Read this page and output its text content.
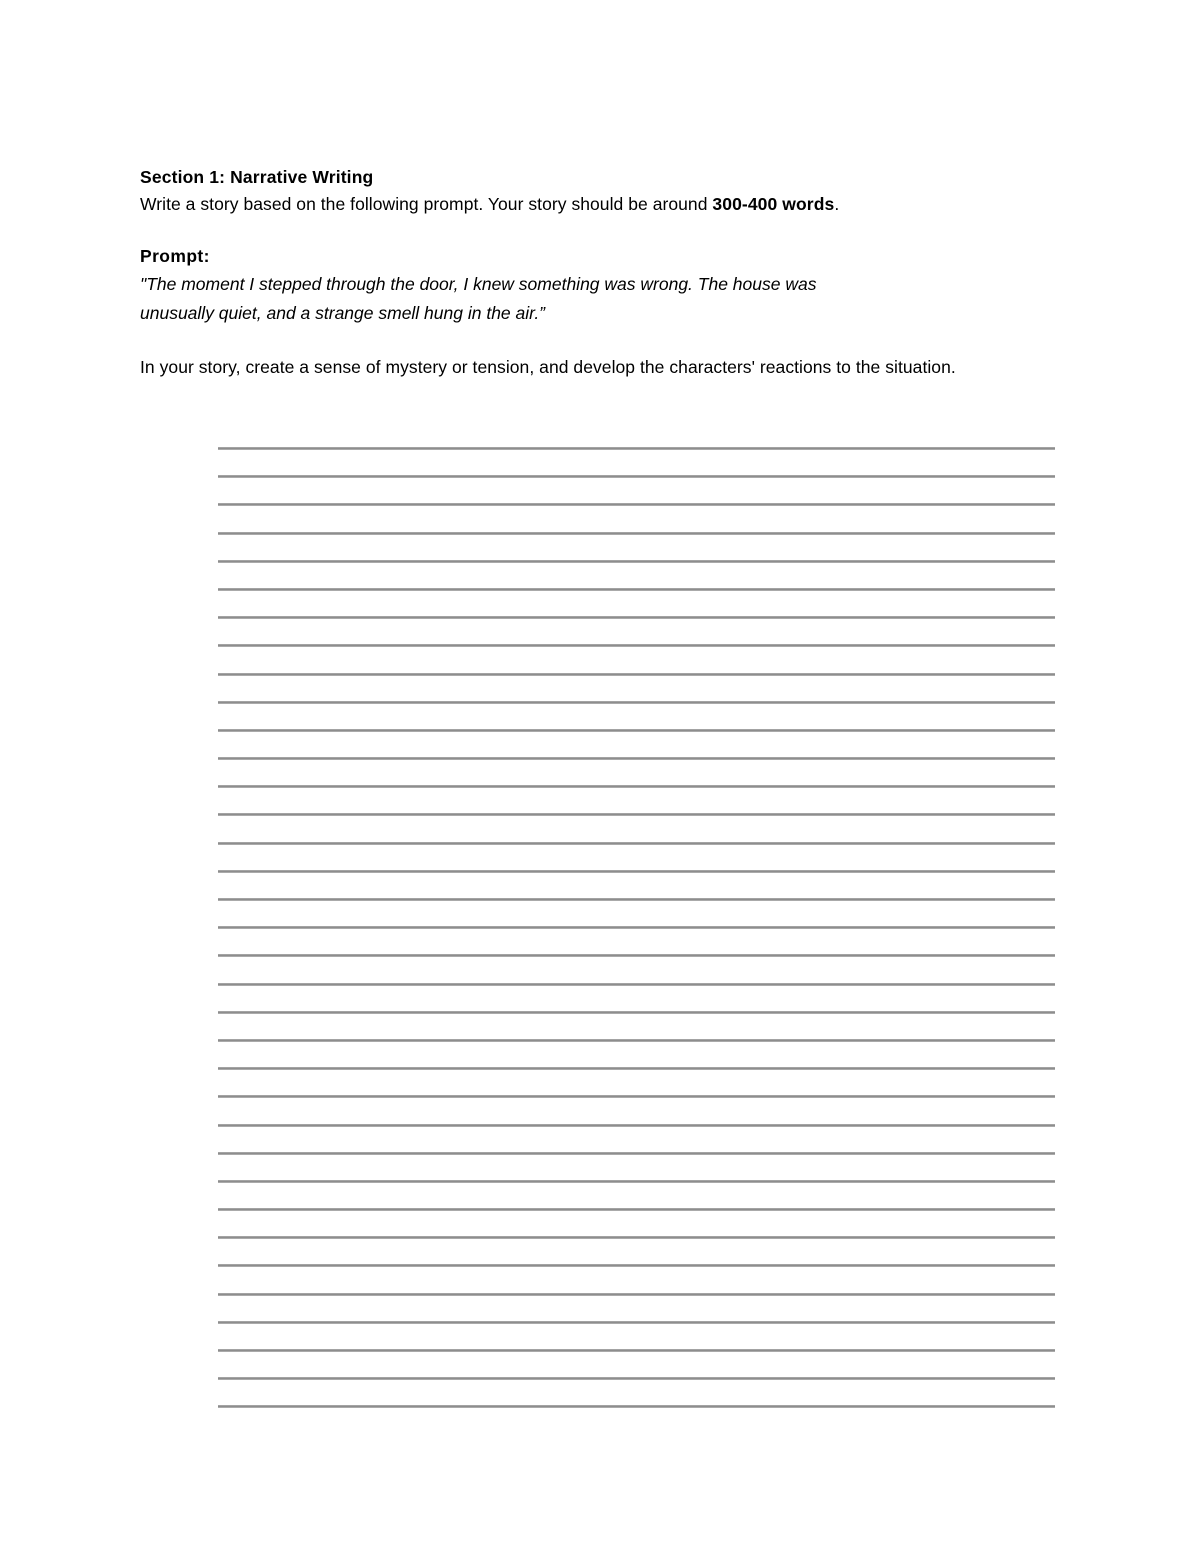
Section 1: Narrative Writing

Write a story based on the following prompt. Your story should be around 300-400 words.

Prompt:

"The moment I stepped through the door, I knew something was wrong. The house was

unusually quiet, and a strange smell hung in the air.”

In your story, create a sense of mystery or tension, and develop the characters' reactions to the situation.
